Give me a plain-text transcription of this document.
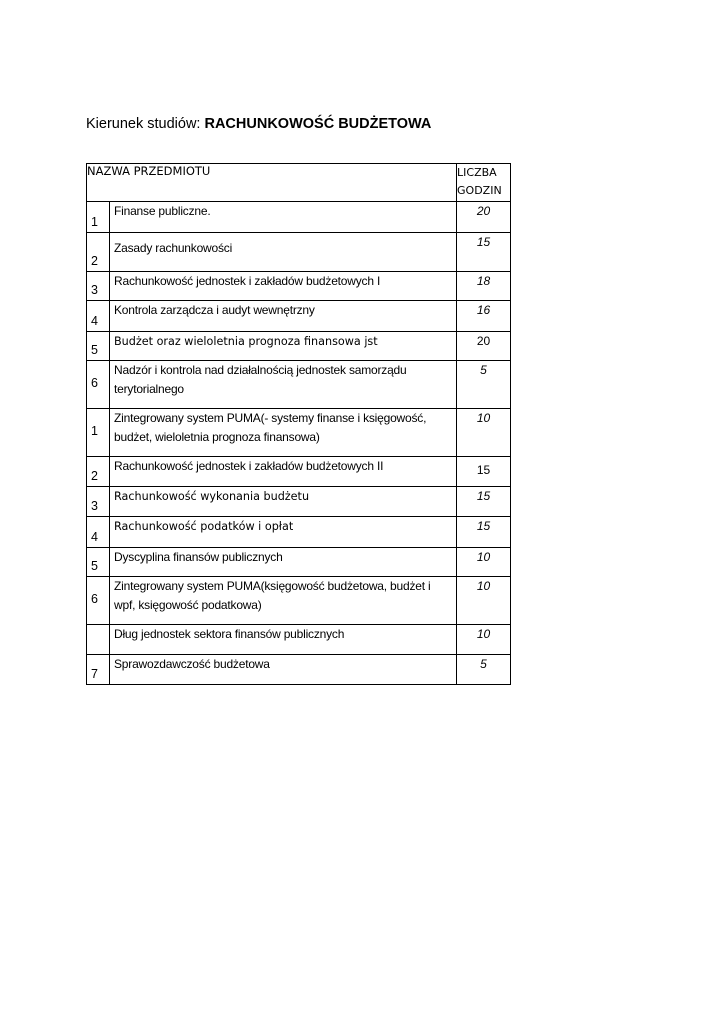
Kierunek studiów: RACHUNKOWOŚĆ BUDŻETOWA
NAZWA PRZEDMIOTU		LICZBA
GODZIN
1	Finanse publiczne.	20
2	Zasady rachunkowości	15
3	Rachunkowość jednostek i zakładów budżetowych I	18
4	Kontrola zarządcza i audyt wewnętrzny	16
5	Budżet oraz wieloletnia prognoza finansowa jst	20
6	Nadzór i kontrola nad działalnością jednostek samorządu terytorialnego	5
1	Zintegrowany system PUMA(- systemy finanse i księgowość, budżet, wieloletnia prognoza finansowa)	10
2	Rachunkowość jednostek i zakładów budżetowych II	15
3	Rachunkowość wykonania budżetu	15
4	Rachunkowość podatków i opłat	15
5	Dyscyplina finansów publicznych	10
6	Zintegrowany system PUMA(księgowość budżetowa, budżet i wpf, księgowość podatkowa)	10
	Dług jednostek sektora finansów publicznych	10
7	Sprawozdawczość budżetowa	5
